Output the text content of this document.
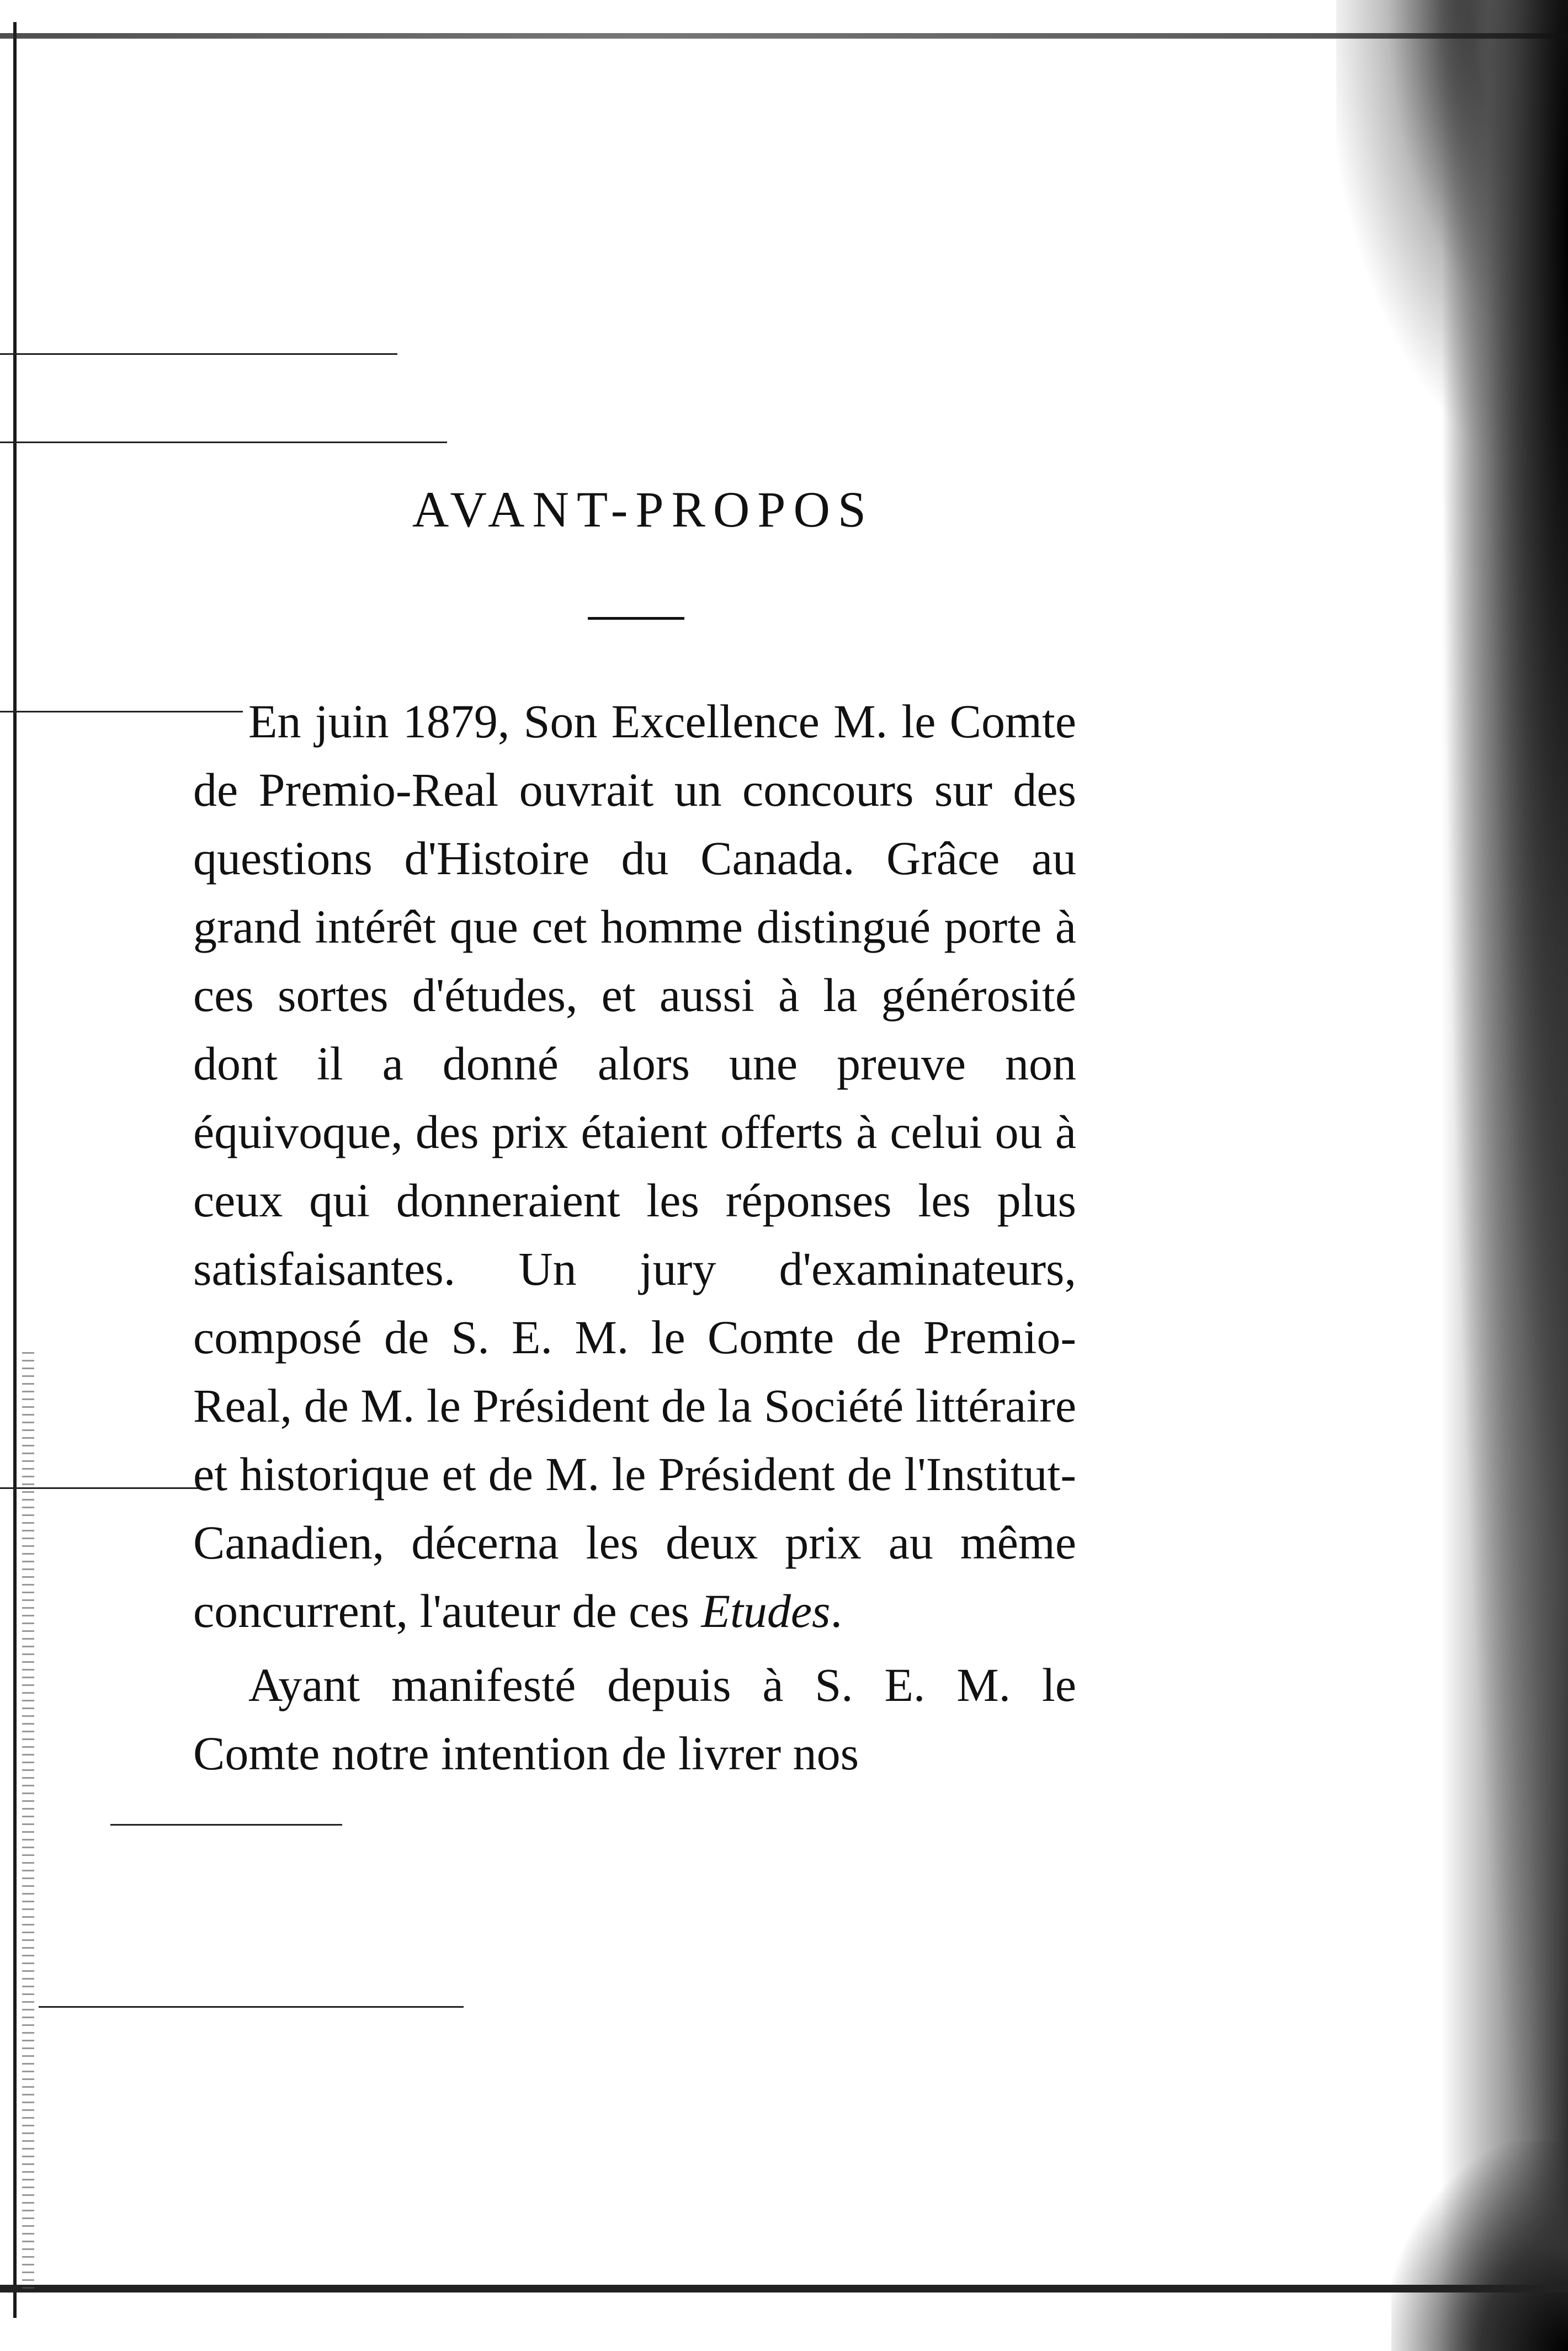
AVANT-PROPOS

En juin 1879, Son Excellence M. le Comte de Premio-Real ouvrait un concours sur des questions d'Histoire du Canada. Grâce au grand intérêt que cet homme distingué porte à ces sortes d'études, et aussi à la générosité dont il a donné alors une preuve non équivoque, des prix étaient offerts à celui ou à ceux qui donneraient les réponses les plus satisfaisantes. Un jury d'examinateurs, composé de S. E. M. le Comte de Premio-Real, de M. le Président de la Société littéraire et historique et de M. le Président de l'Institut-Canadien, décerna les deux prix au même concurrent, l'auteur de ces Etudes.

Ayant manifesté depuis à S. E. M. le Comte notre intention de livrer nos
